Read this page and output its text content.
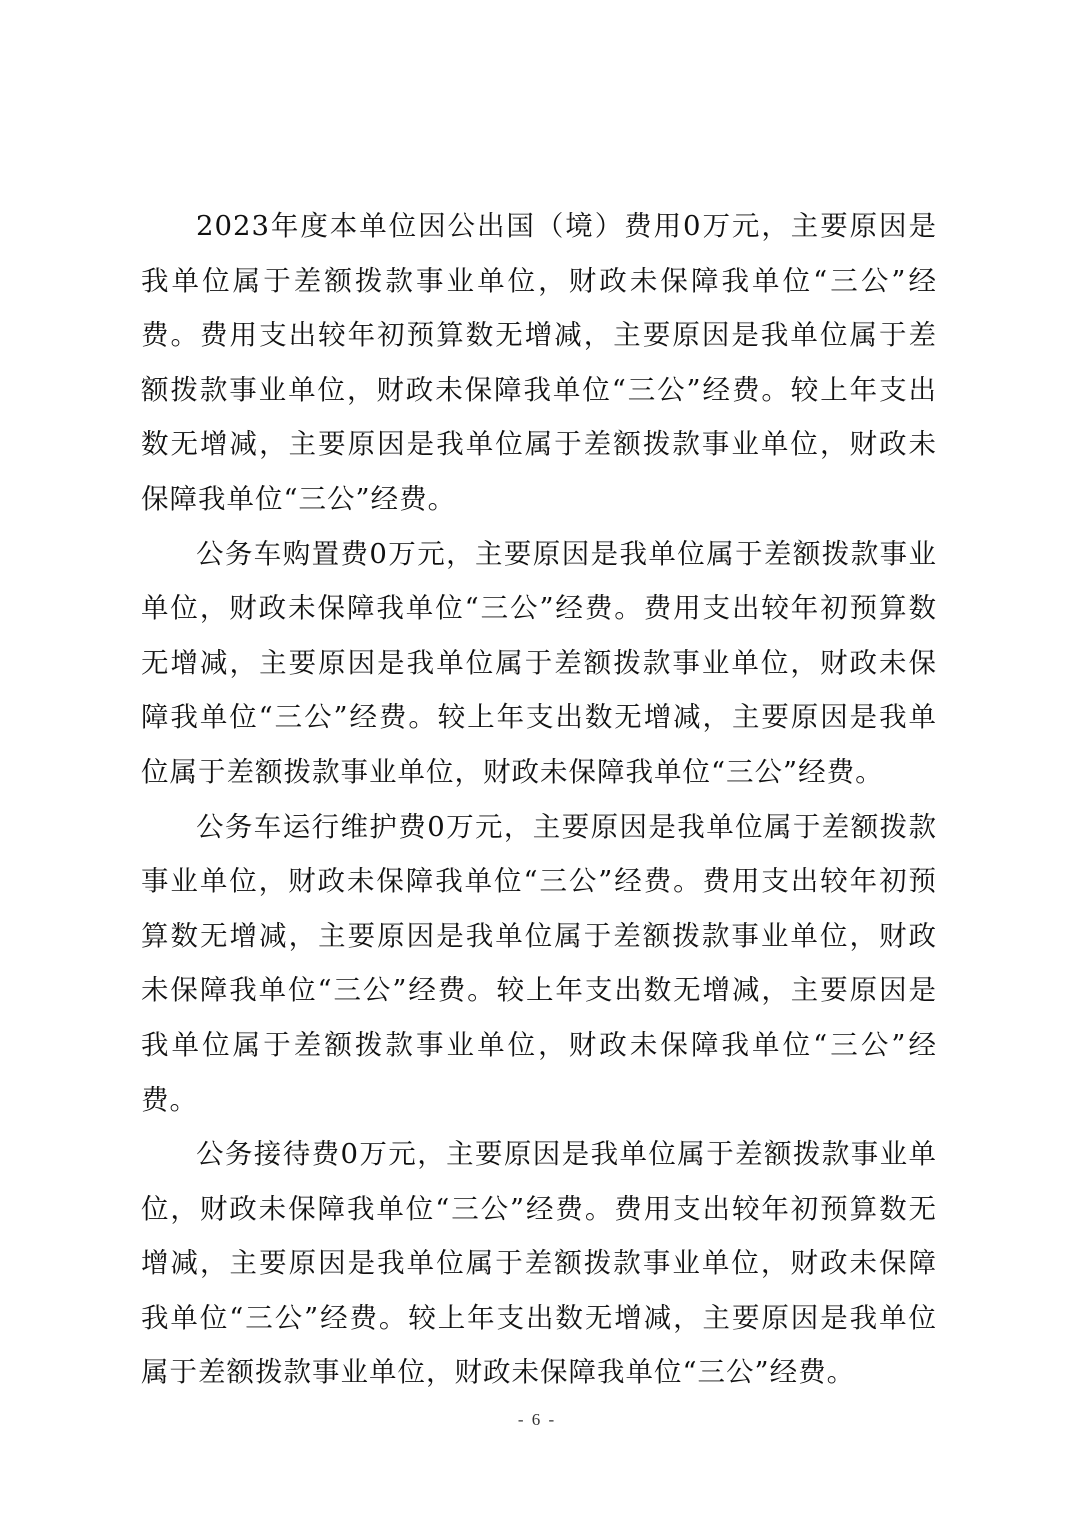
2023年度本单位因公出国（境）费用0万元，主要原因是我单位属于差额拨款事业单位，财政未保障我单位“三公”经费。费用支出较年初预算数无增减，主要原因是我单位属于差额拨款事业单位，财政未保障我单位“三公”经费。较上年支出数无增减，主要原因是我单位属于差额拨款事业单位，财政未保障我单位“三公”经费。

公务车购置费0万元，主要原因是我单位属于差额拨款事业单位，财政未保障我单位“三公”经费。费用支出较年初预算数无增减，主要原因是我单位属于差额拨款事业单位，财政未保障我单位“三公”经费。较上年支出数无增减，主要原因是我单位属于差额拨款事业单位，财政未保障我单位“三公”经费。

公务车运行维护费0万元，主要原因是我单位属于差额拨款事业单位，财政未保障我单位“三公”经费。费用支出较年初预算数无增减，主要原因是我单位属于差额拨款事业单位，财政未保障我单位“三公”经费。较上年支出数无增减，主要原因是我单位属于差额拨款事业单位，财政未保障我单位“三公”经费。

公务接待费0万元，主要原因是我单位属于差额拨款事业单位，财政未保障我单位“三公”经费。费用支出较年初预算数无增减，主要原因是我单位属于差额拨款事业单位，财政未保障我单位“三公”经费。较上年支出数无增减，主要原因是我单位属于差额拨款事业单位，财政未保障我单位“三公”经费。

- 6 -
